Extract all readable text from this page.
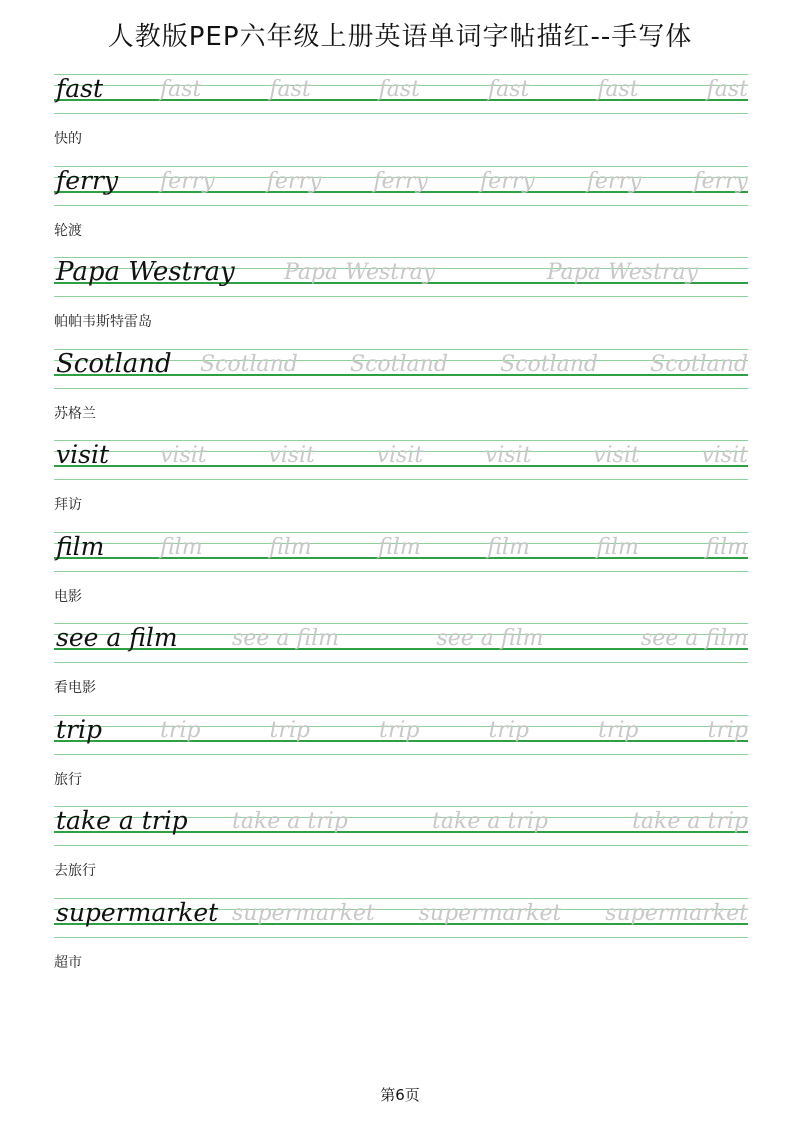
人教版PEP六年级上册英语单词字帖描红--手写体
fast	fast	fast	fast	fast	fast	fast
快的
ferry ferry ferry ferry ferry ferry ferry
轮渡
Papa Westray Papa Westray	Papa Westray
帕帕韦斯特雷岛
Scotland Scotland Scotland Scotland Scotland
苏格兰
visit visit	visit	visit	visit	visit	visit
拜访
film	film	film	film	film	film	film
电影
see a film see a film	see a film	see a film
看电影
trip	trip	trip	trip	trip	trip	trip
旅行
take a trip take a trip	take a trip	take a trip
去旅行
supermarket supermarket supermarket supermarket
超市
第6页
